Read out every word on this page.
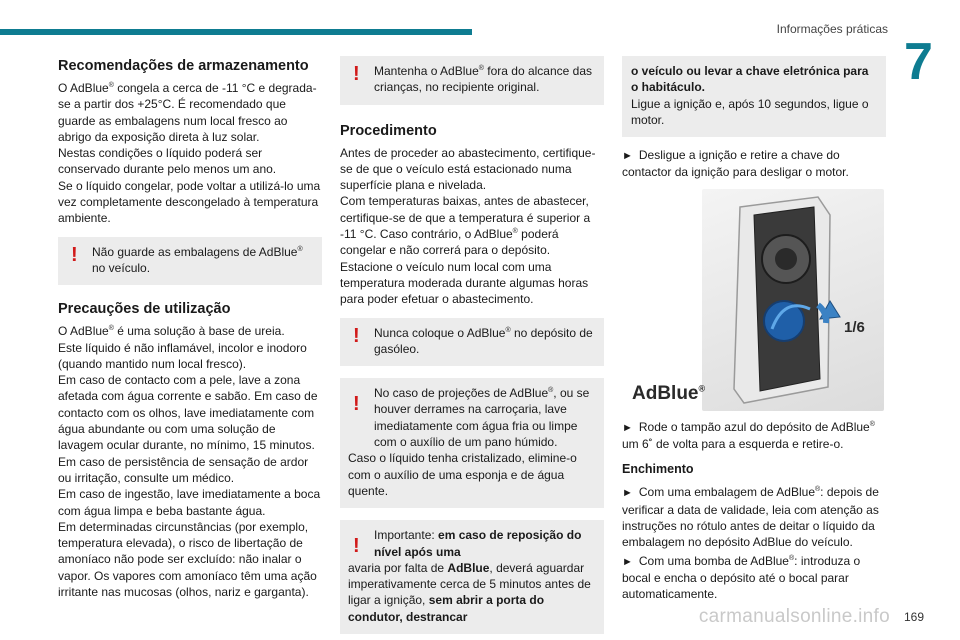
Informações práticas
7
Recomendações de armazenamento

O AdBlue® congela a cerca de -11 °C e degrada-se a partir dos +25°C. É recomendado que guarde as embalagens num local fresco ao abrigo da exposição direta à luz solar.

Nestas condições o líquido poderá ser conservado durante pelo menos um ano.

Se o líquido congelar, pode voltar a utilizá-lo uma vez completamente descongelado à temperatura ambiente.

! Não guarde as embalagens de AdBlue® no veículo.
Precauções de utilização

O AdBlue® é uma solução à base de ureia.

Este líquido é não inflamável, incolor e inodoro (quando mantido num local fresco).

Em caso de contacto com a pele, lave a zona afetada com água corrente e sabão. Em caso de contacto com os olhos, lave imediatamente com água abundante ou com uma solução de lavagem ocular durante, no mínimo, 15 minutos. Em caso de persistência de sensação de ardor ou irritação, consulte um médico.

Em caso de ingestão, lave imediatamente a boca com água limpa e beba bastante água.

Em determinadas circunstâncias (por exemplo, temperatura elevada), o risco de libertação de amoníaco não pode ser excluído: não inalar o vapor. Os vapores com amoníaco têm uma ação irritante nas mucosas (olhos, nariz e garganta).

! Mantenha o AdBlue® fora do alcance das crianças, no recipiente original.
Procedimento

Antes de proceder ao abastecimento, certifique-se de que o veículo está estacionado numa superfície plana e nivelada.

Com temperaturas baixas, antes de abastecer, certifique-se de que a temperatura é superior a -11 °C. Caso contrário, o AdBlue® poderá congelar e não correrá para o depósito. Estacione o veículo num local com uma temperatura moderada durante algumas horas para poder efetuar o abastecimento.

! Nunca coloque o AdBlue® no depósito de gasóleo.
!	No caso de projeções de AdBlue®, ou se houver derrames na carroçaria, lave imediatamente com água fria ou limpe com o auxílio de um pano húmido.
Caso o líquido tenha cristalizado, elimine-o com o auxílio de uma esponja e de água quente.
!	Importante: em caso de reposição do nível após uma
avaria por falta de AdBlue, deverá aguardar imperativamente cerca de 5 minutos antes de ligar a ignição, sem abrir a porta do condutor, destrancar
o veículo ou levar a chave eletrónica para o habitáculo.
Ligue a ignição e, após 10 segundos, ligue o motor.

► Desligue a ignição e retire a chave do contactor da ignição para desligar o motor.

1/6
AdBlue®

► Rode o tampão azul do depósito de AdBlue® um 6˚ de volta para a esquerda e retire-o.

Enchimento

► Com uma embalagem de AdBlue®: depois de verificar a data de validade, leia com atenção as instruções no rótulo antes de deitar o líquido da embalagem no depósito AdBlue do veículo.

► Com uma bomba de AdBlue®: introduza o bocal e encha o depósito até o bocal parar automaticamente.

carmanualsonline.info 169
